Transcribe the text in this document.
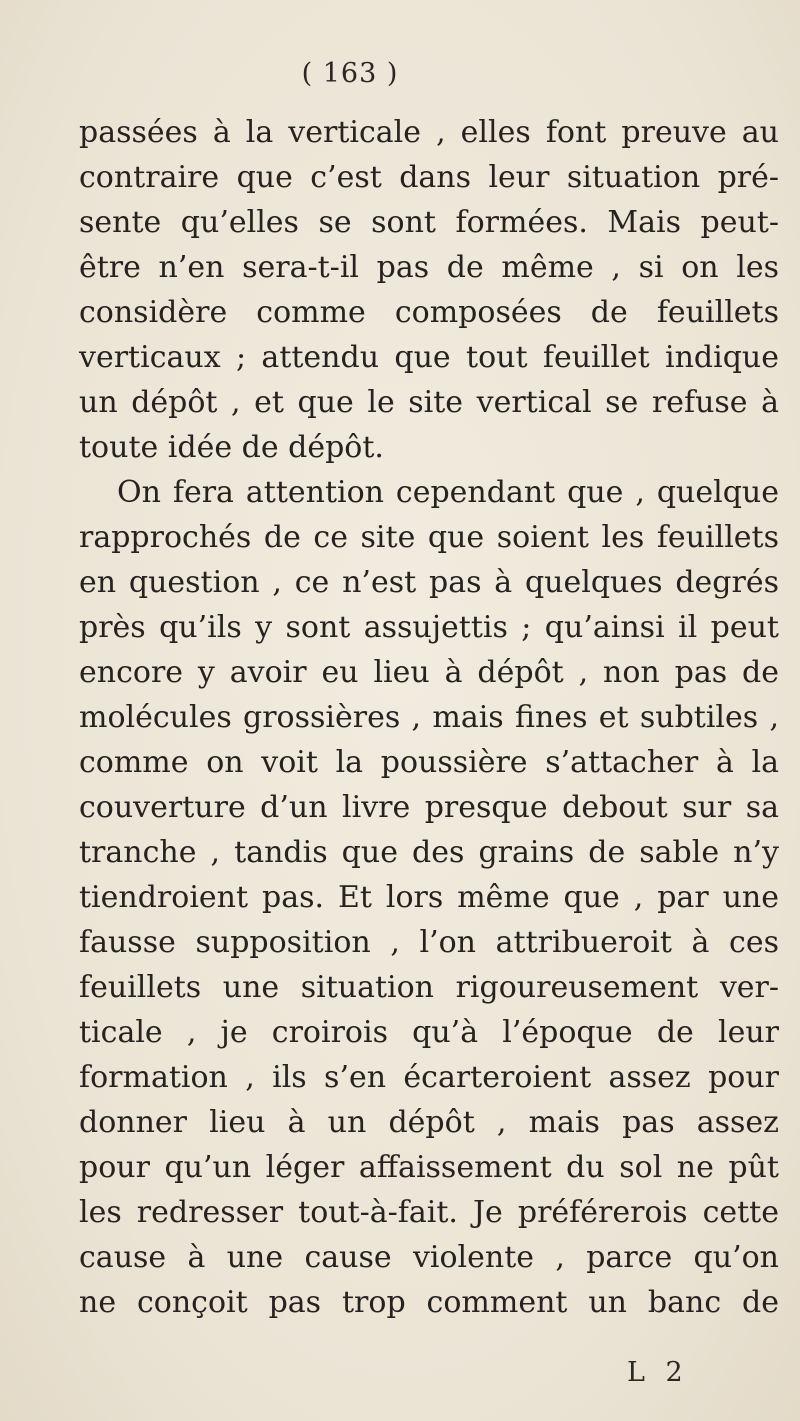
( 163 )
passées à la verticale , elles font preuve au
contraire que c’est dans leur situation pré-
sente qu’elles se sont formées. Mais peut-
être n’en sera-t-il pas de même , si on les
considère comme composées de feuillets
verticaux ; attendu que tout feuillet indique
un dépôt , et que le site vertical se refuse à
toute idée de dépôt.
On fera attention cependant que , quelque
rapprochés de ce site que soient les feuillets
en question , ce n’est pas à quelques degrés
près qu’ils y sont assujettis ; qu’ainsi il peut
encore y avoir eu lieu à dépôt , non pas de
molécules grossières , mais fines et subtiles ,
comme on voit la poussière s’attacher à la
couverture d’un livre presque debout sur sa
tranche , tandis que des grains de sable n’y
tiendroient pas. Et lors même que , par une
fausse supposition , l’on attribueroit à ces
feuillets une situation rigoureusement ver-
ticale , je croirois qu’à l’époque de leur
formation , ils s’en écarteroient assez pour
donner lieu à un dépôt , mais pas assez
pour qu’un léger affaissement du sol ne pût
les redresser tout-à-fait. Je préférerois cette
cause à une cause violente , parce qu’on
ne conçoit pas trop comment un banc de
L 2
